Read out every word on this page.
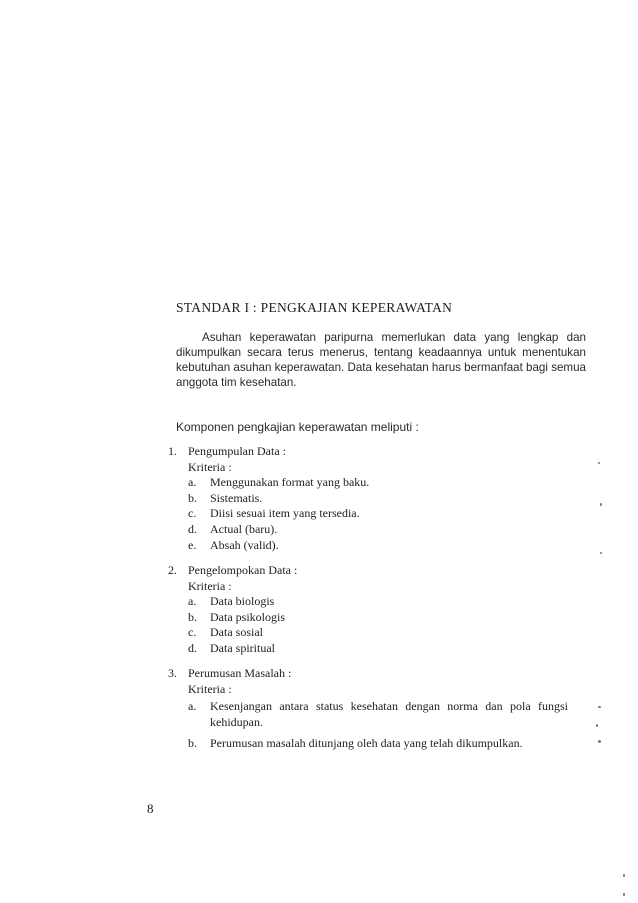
STANDAR I : PENGKAJIAN KEPERAWATAN
Asuhan keperawatan paripurna memerlukan data yang lengkap dan dikumpulkan secara terus menerus, tentang keadaannya untuk menentukan kebutuhan asuhan keperawatan. Data kesehatan harus bermanfaat bagi semua anggota tim kesehatan.
Komponen pengkajian keperawatan meliputi :
1. Pengumpulan Data :
Kriteria :
a.	Menggunakan format yang baku.
b.	Sistematis.
c.	Diisi sesuai item yang tersedia.
d.	Actual (baru).
e.	Absah (valid).
2. Pengelompokan Data :
Kriteria :
a.	Data biologis
b.	Data psikologis
c.	Data sosial
d.	Data spiritual
3. Perumusan Masalah :
Kriteria :
a.	Kesenjangan antara status kesehatan dengan norma dan pola fungsi kehidupan.
b.	Perumusan masalah ditunjang oleh data yang telah dikumpulkan.
8
